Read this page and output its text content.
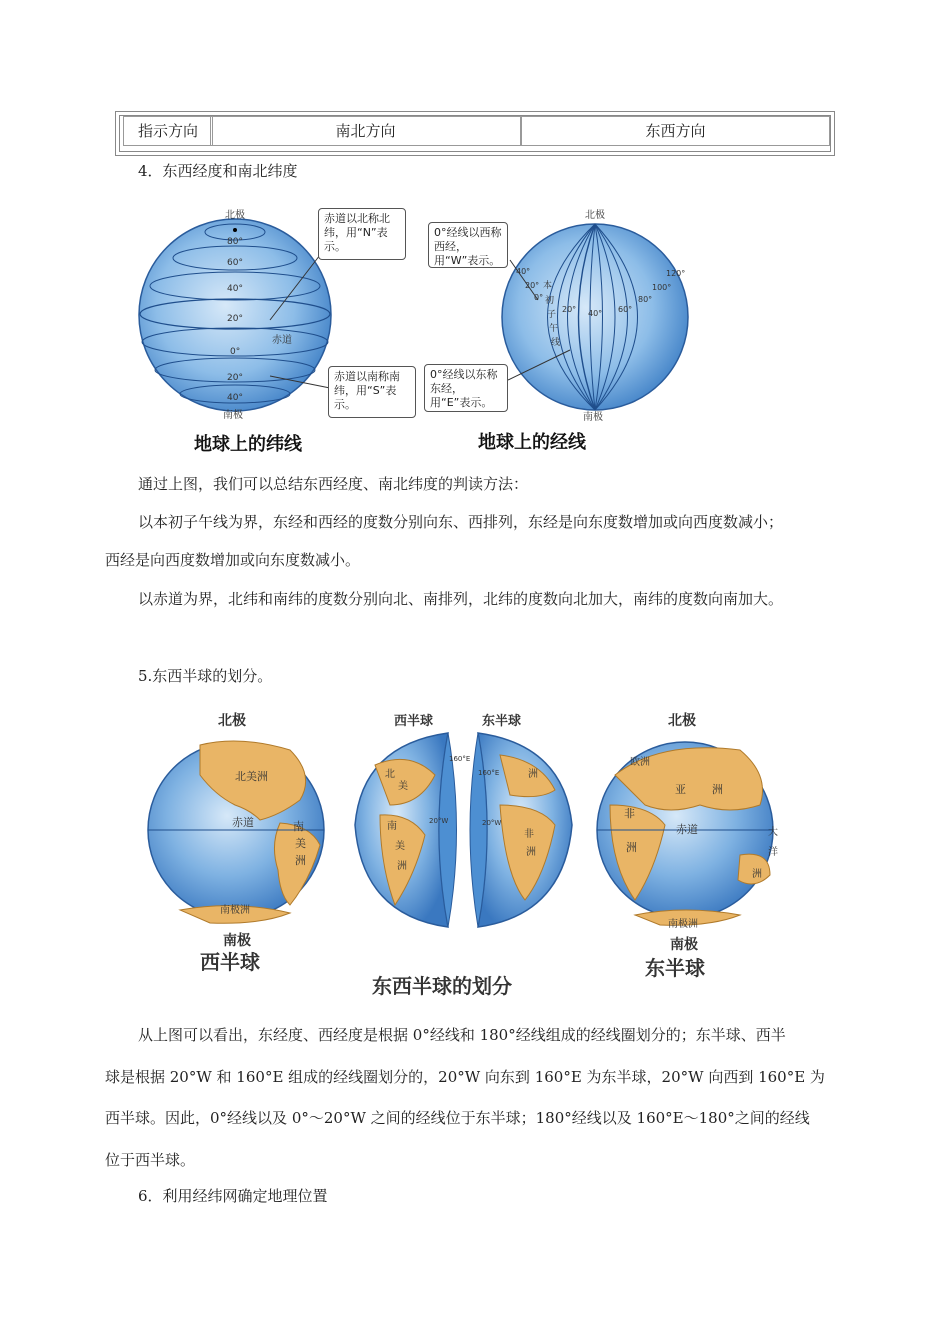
指示方向	南北方向	东西方向
4．东西经度和南北纬度
北极
南极
赤道
80°
60°
40°
20°
0°
20°
40°
北极
南极
40°
20°
0°
20° 40° 60°
80°
100°
120°
本
初
子
午
线
赤道以北称北纬，用“N”表示。
赤道以南称南纬，用“S”表示。
0°经线以西称西经，用“W”表示。
0°经线以东称东经，用“E”表示。
地球上的纬线	地球上的经线
通过上图，我们可以总结东西经度、南北纬度的判读方法：
以本初子午线为界，东经和西经的度数分别向东、西排列，东经是向东度数增加或向西度数减小；
西经是向西度数增加或向东度数减小。
以赤道为界，北纬和南纬的度数分别向北、南排列，北纬的度数向北加大，南纬的度数向南加大。
5.东西半球的划分。
北极
北美洲
赤道	南
美
洲
南极洲
南极
西半球
西半球	东半球
160°E
160°E
20°W	20°W
北
美
南
美
洲
洲
非
洲
东西半球的划分
北极
亚 洲
欧洲
非
洲
赤道	大
洋
洲
南极洲
南极
东半球
从上图可以看出，东经度、西经度是根据 0°经线和 180°经线组成的经线圈划分的；东半球、西半
球是根据 20°W 和 160°E 组成的经线圈划分的，20°W 向东到 160°E 为东半球，20°W 向西到 160°E 为
西半球。因此，0°经线以及 0°～20°W 之间的经线位于东半球；180°经线以及 160°E～180°之间的经线
位于西半球。
6．利用经纬网确定地理位置
